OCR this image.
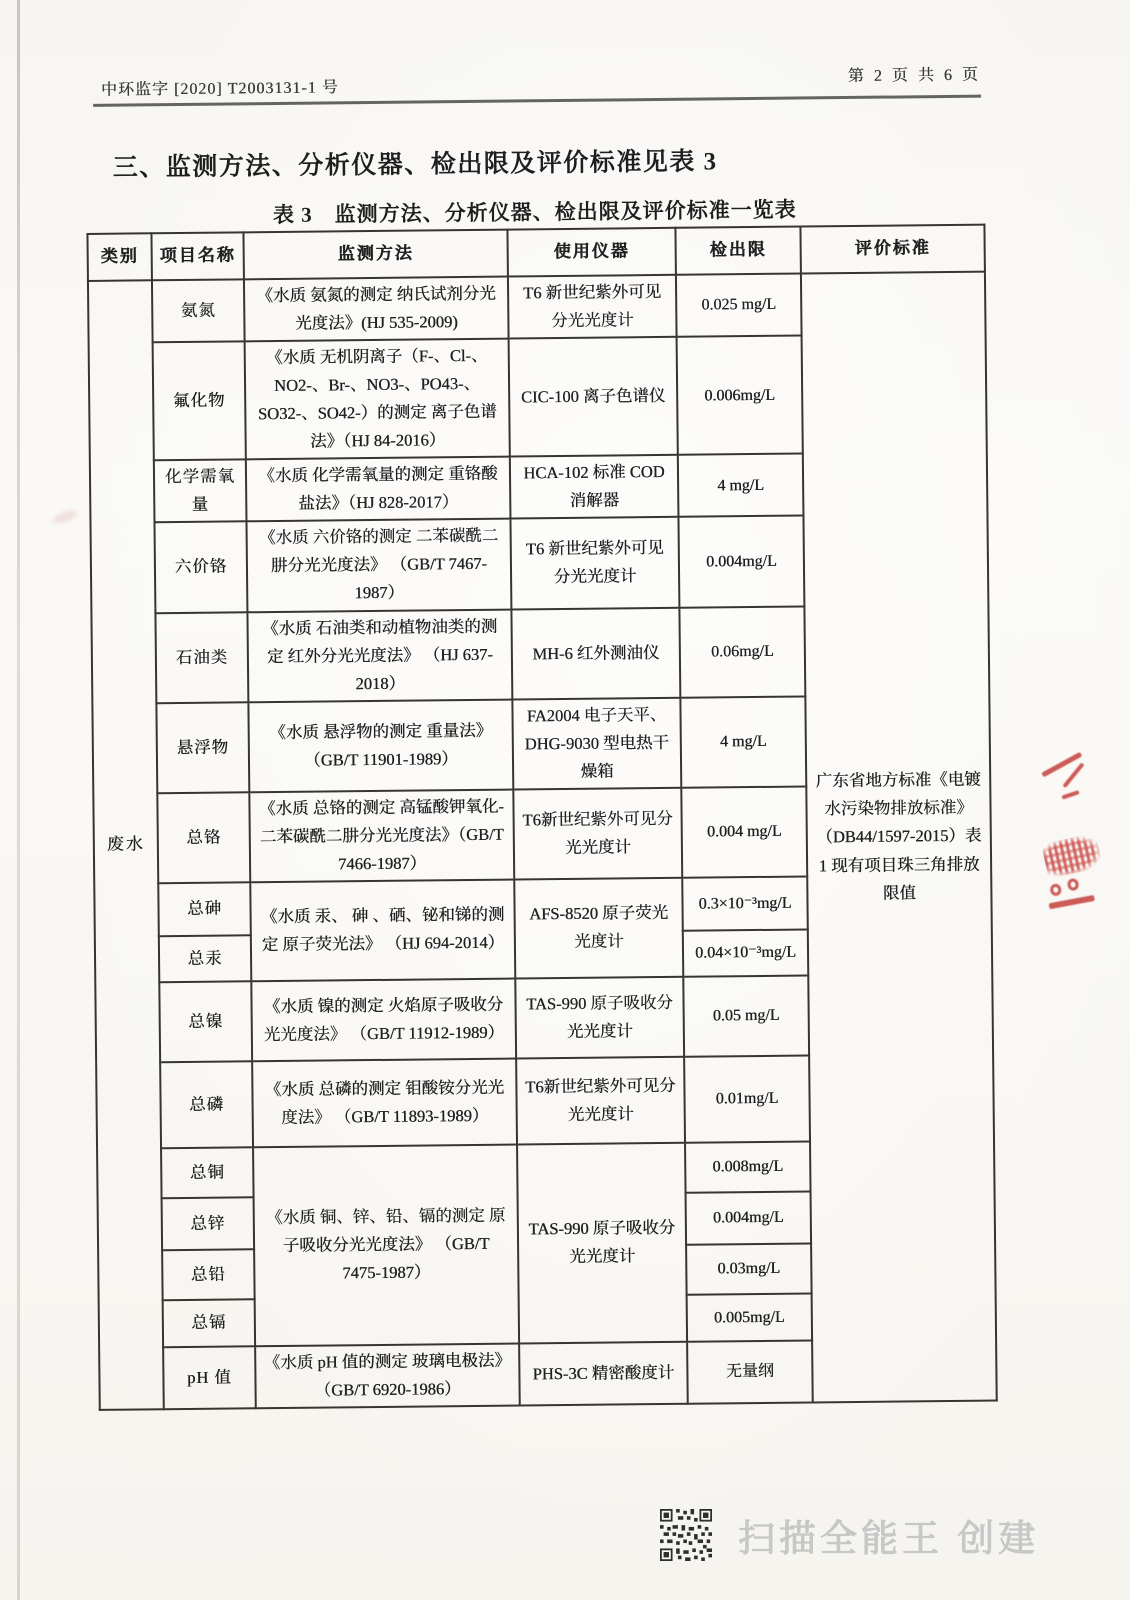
中环监字 [2020] T2003131-1 号
第 2 页 共 6 页
三、监测方法、分析仪器、检出限及评价标准见表 3
表 3　监测方法、分析仪器、检出限及评价标准一览表
类别	项目名称	监测方法	使用仪器	检出限	评价标准
废水	氨氮	《水质 氨氮的测定 纳氏试剂分光光度法》(HJ 535-2009)	T6 新世纪紫外可见分光光度计	0.025 mg/L	广东省地方标准《电镀水污染物排放标准》（DB44/1597-2015）表 1 现有项目珠三角排放限值
	氟化物	《水质 无机阴离子（F-、Cl-、NO2-、Br-、NO3-、PO43-、SO32-、SO42-）的测定 离子色谱法》（HJ 84-2016）	CIC-100 离子色谱仪	0.006mg/L	
	化学需氧量	《水质 化学需氧量的测定 重铬酸盐法》（HJ 828-2017）	HCA-102 标准 COD 消解器	4 mg/L	
	六价铬	《水质 六价铬的测定 二苯碳酰二肼分光光度法》 （GB/T 7467-1987）	T6 新世纪紫外可见分光光度计	0.004mg/L	
	石油类	《水质 石油类和动植物油类的测定 红外分光光度法》 （HJ 637-2018）	MH-6 红外测油仪	0.06mg/L	
	悬浮物	《水质 悬浮物的测定 重量法》（GB/T 11901-1989）	FA2004 电子天平、DHG-9030 型电热干燥箱	4 mg/L	
	总铬	《水质 总铬的测定 高锰酸钾氧化-二苯碳酰二肼分光光度法》（GB/T 7466-1987）	T6新世纪紫外可见分光光度计	0.004 mg/L	
	总砷	《水质 汞、 砷 、硒、铋和锑的测定 原子荧光法》 （HJ 694-2014）	AFS-8520 原子荧光光度计	0.3×10⁻³mg/L	
	总汞			0.04×10⁻³mg/L	
	总镍	《水质 镍的测定 火焰原子吸收分光光度法》 （GB/T 11912-1989）	TAS-990 原子吸收分光光度计	0.05 mg/L	
	总磷	《水质 总磷的测定 钼酸铵分光光度法》 （GB/T 11893-1989）	T6新世纪紫外可见分光光度计	0.01mg/L	
	总铜	《水质 铜、锌、铅、镉的测定 原子吸收分光光度法》 （GB/T 7475-1987）	TAS-990 原子吸收分光光度计	0.008mg/L	
	总锌			0.004mg/L	
	总铅			0.03mg/L	
	总镉			0.005mg/L	
	pH 值	《水质 pH 值的测定 玻璃电极法》（GB/T 6920-1986）	PHS-3C 精密酸度计	无量纲	
扫描全能王 创建
